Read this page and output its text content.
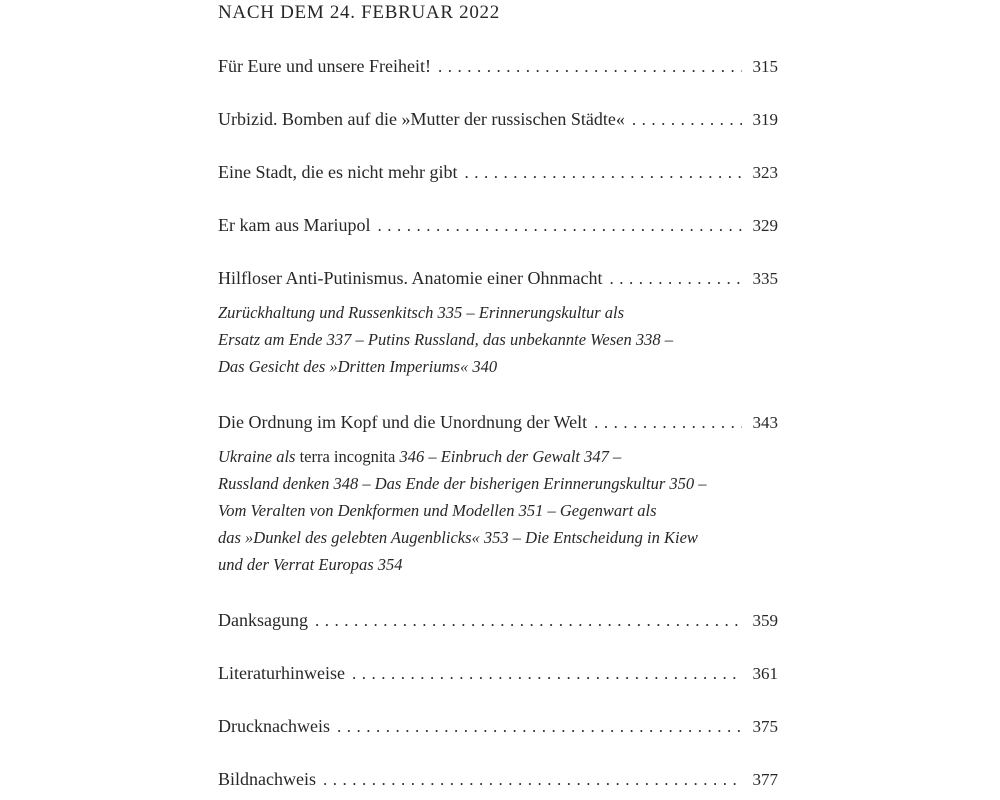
NACH DEM 24. FEBRUAR 2022
Für Eure und unsere Freiheit! .....	315
Urbizid. Bomben auf die »Mutter der russischen Städte« .....	319
Eine Stadt, die es nicht mehr gibt .....	323
Er kam aus Mariupol .....	329
Hilfloser Anti-Putinismus. Anatomie einer Ohnmacht .....	335
Zurückhaltung und Russenkitsch 335 – Erinnerungskultur als
Ersatz am Ende 337 – Putins Russland, das unbekannte Wesen 338 –
Das Gesicht des »Dritten Imperiums« 340
Die Ordnung im Kopf und die Unordnung der Welt .....	343
Ukraine als terra incognita 346 – Einbruch der Gewalt 347 –
Russland denken 348 – Das Ende der bisherigen Erinnerungskultur 350 –
Vom Veralten von Denkformen und Modellen 351 – Gegenwart als
das »Dunkel des gelebten Augenblicks« 353 – Die Entscheidung in Kiew
und der Verrat Europas 354
Danksagung .....	359
Literaturhinweise .....	361
Drucknachweis .....	375
Bildnachweis .....	377
